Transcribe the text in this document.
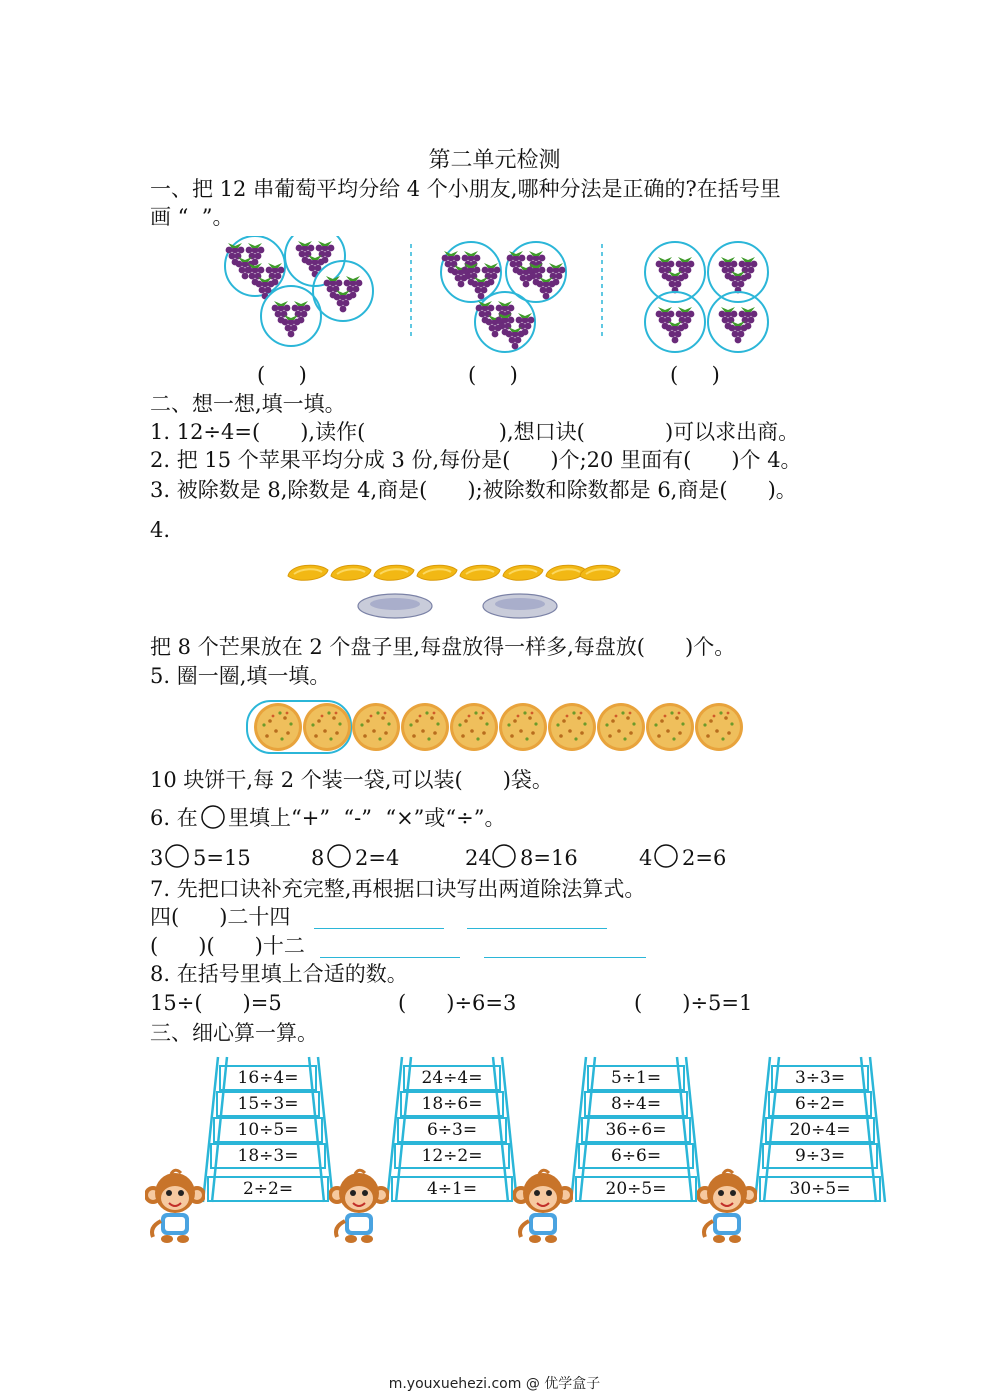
第二单元检测
一、把 12 串葡萄平均分给 4 个小朋友,哪种分法是正确的?在括号里
画 “  ”。
(     )	(     )	(     )
二、想一想,填一填。
1. 12÷4=(      ),读作(                    ),想口诀(            )可以求出商。
2. 把 15 个苹果平均分成 3 份,每份是(      )个;20 里面有(      )个 4。
3. 被除数是 8,除数是 4,商是(      );被除数和除数都是 6,商是(      )。
4.
把 8 个芒果放在 2 个盘子里,每盘放得一样多,每盘放(      )个。
5. 圈一圈,填一填。
10 块饼干,每 2 个装一袋,可以装(      )袋。
6. 在 里填上“+”  “-”  “×”或“÷”。
3 5=15	8 2=4	24 8=16	4 2=6
7. 先把口诀补充完整,再根据口诀写出两道除法算式。
四(      )二十四
(      )(      )十二
8. 在括号里填上合适的数。
15÷(      )=5	(      )÷6=3	(      )÷5=1
三、细心算一算。
16÷4=
15÷3=
10÷5=
18÷3=
2÷2=
24÷4=
18÷6=
6÷3=
12÷2=
4÷1=
5÷1=
8÷4=
36÷6=
6÷6=
20÷5=
3÷3=
6÷2=
20÷4=
9÷3=
30÷5=
m.youxuehezi.com @ 优学盒子
